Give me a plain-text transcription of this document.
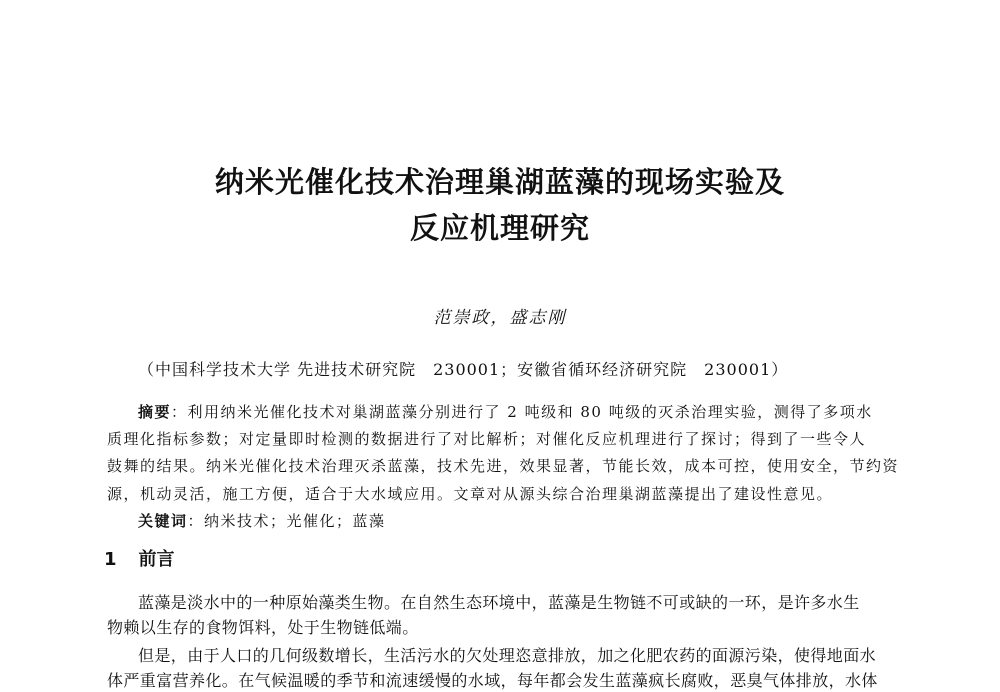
纳米光催化技术治理巢湖蓝藻的现场实验及
反应机理研究
范崇政，盛志刚
（中国科学技术大学 先进技术研究院　230001；安徽省循环经济研究院　230001）
摘要：利用纳米光催化技术对巢湖蓝藻分别进行了 2 吨级和 80 吨级的灭杀治理实验，测得了多项水
质理化指标参数；对定量即时检测的数据进行了对比解析；对催化反应机理进行了探讨；得到了一些令人
鼓舞的结果。纳米光催化技术治理灭杀蓝藻，技术先进，效果显著，节能长效，成本可控，使用安全，节约资
源，机动灵活，施工方便，适合于大水域应用。文章对从源头综合治理巢湖蓝藻提出了建设性意见。
关键词：纳米技术；光催化；蓝藻
1 前言
蓝藻是淡水中的一种原始藻类生物。在自然生态环境中，蓝藻是生物链不可或缺的一环，是许多水生
物赖以生存的食物饵料，处于生物链低端。
但是，由于人口的几何级数增长，生活污水的欠处理恣意排放，加之化肥农药的面源污染，使得地面水
体严重富营养化。在气候温暖的季节和流速缓慢的水域，每年都会发生蓝藻疯长腐败，恶臭气体排放，水体
